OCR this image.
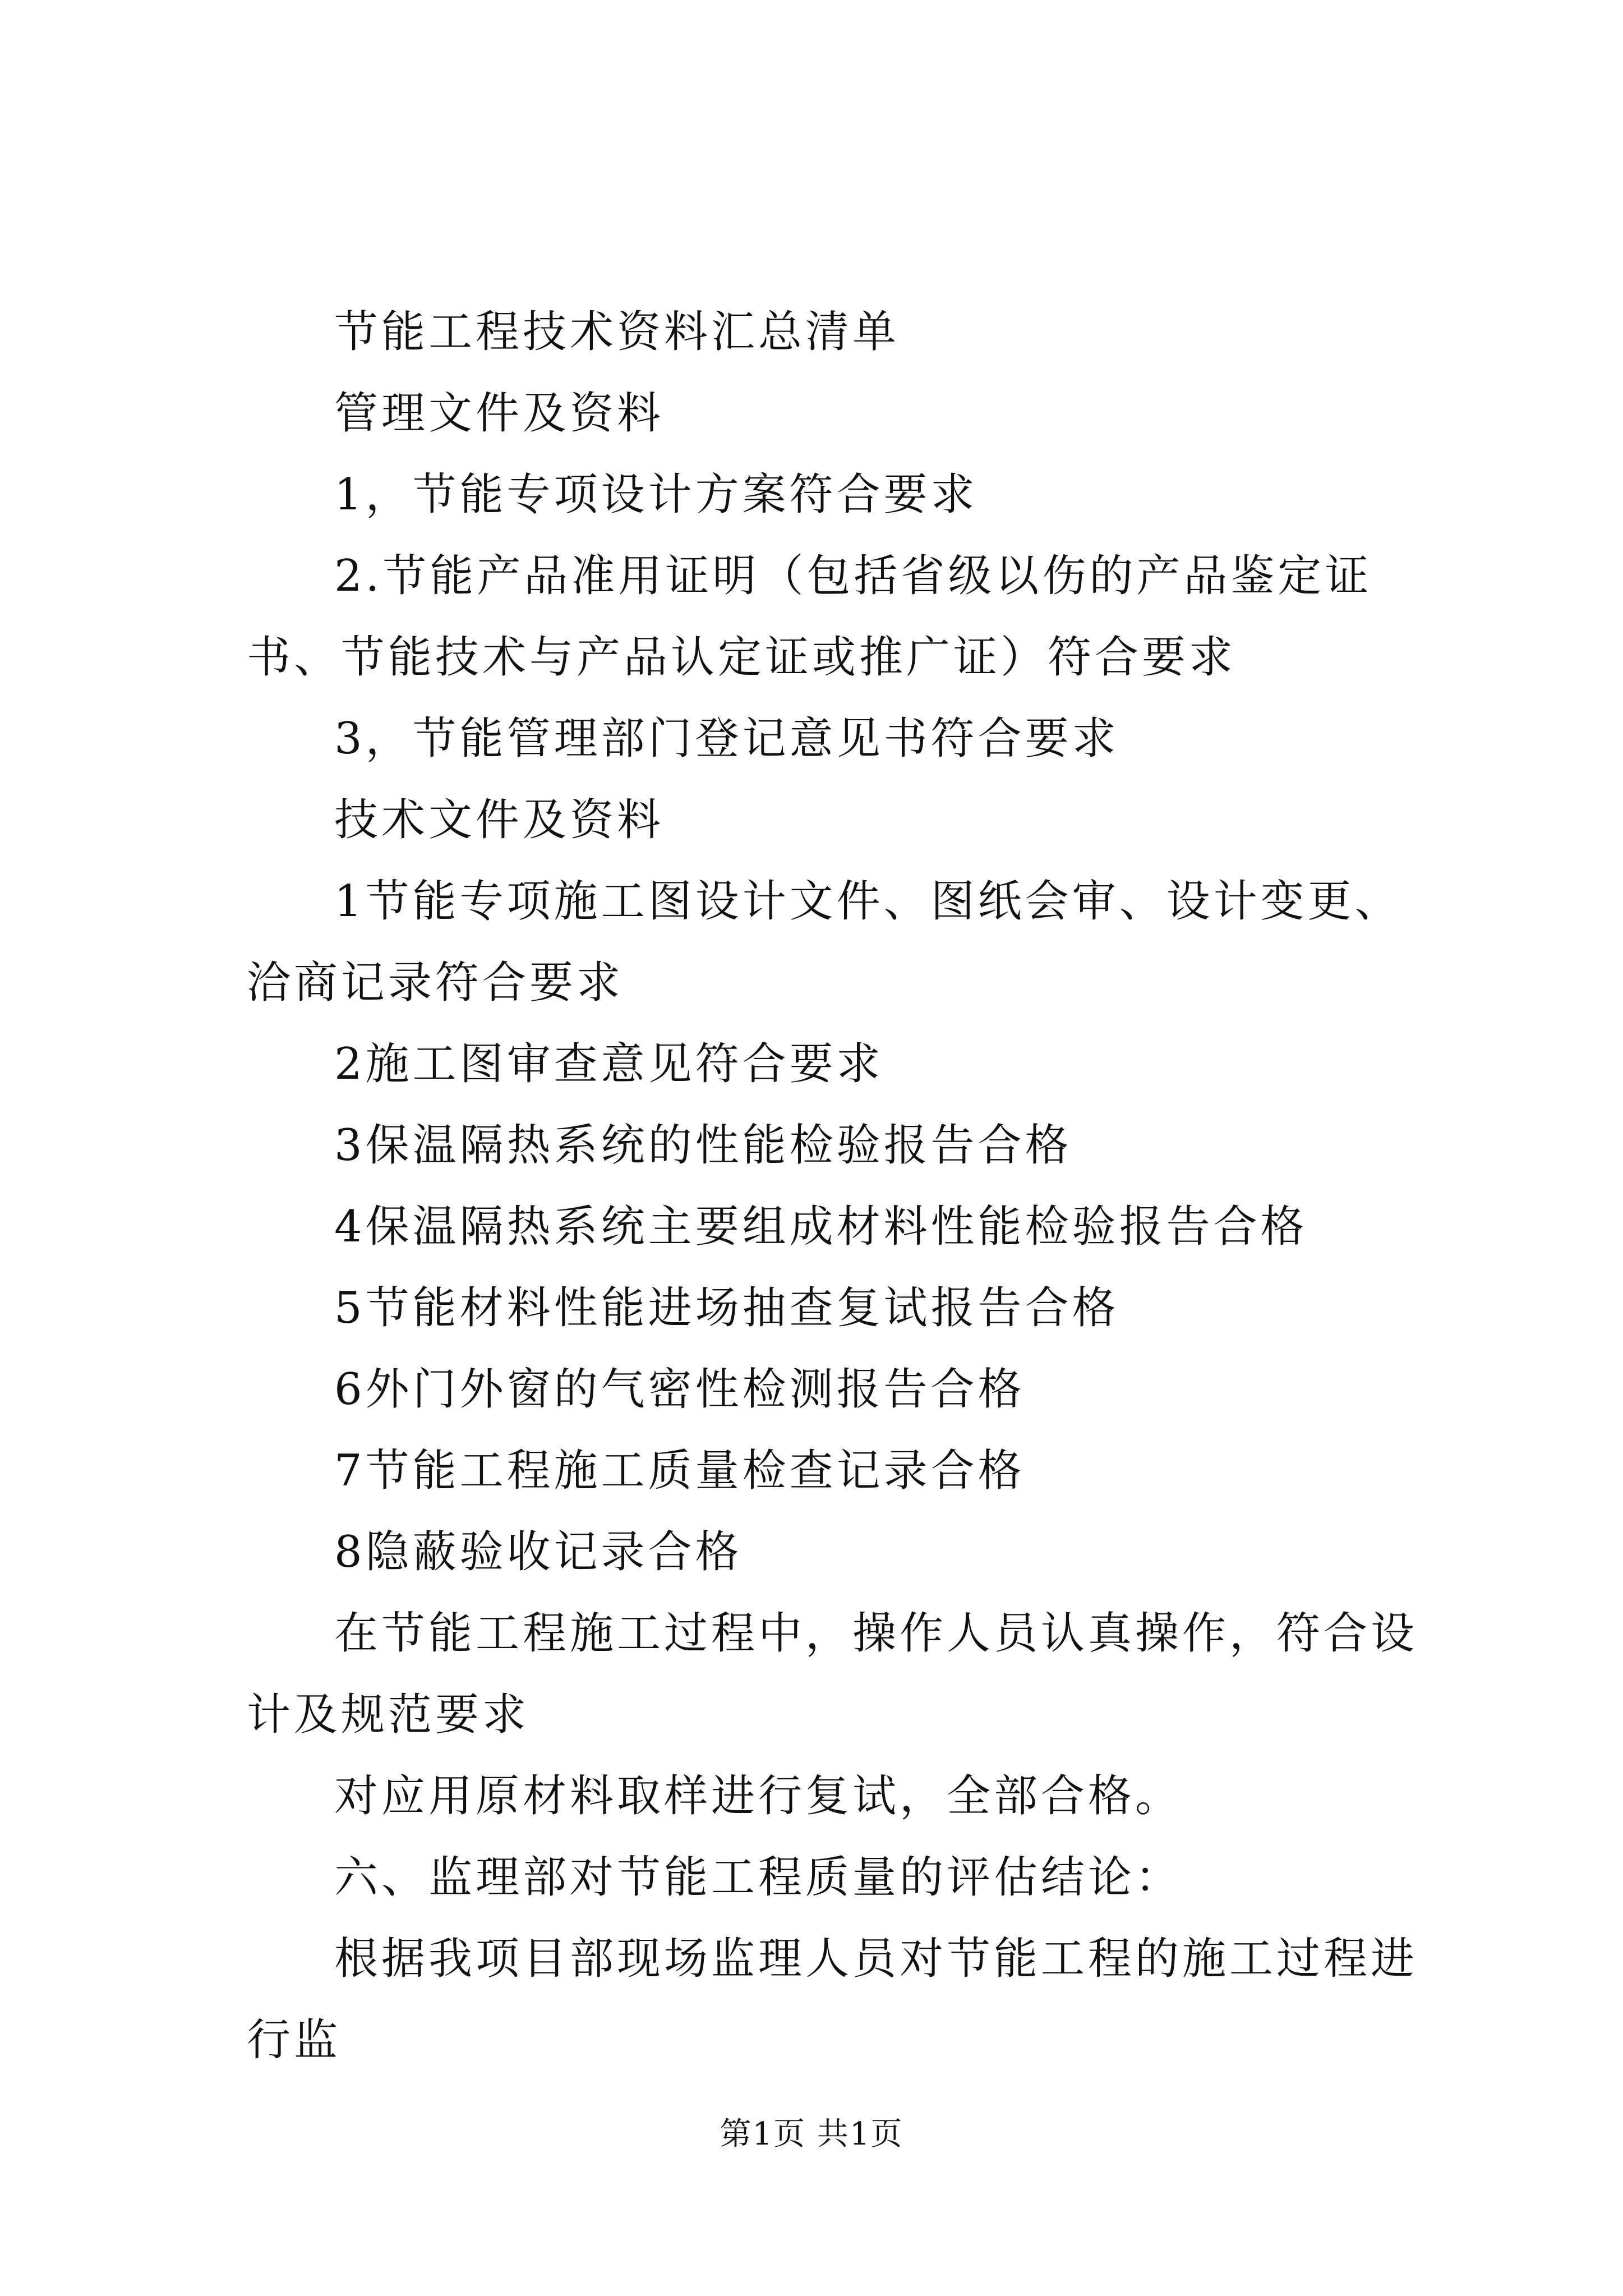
节能工程技术资料汇总清单

管理文件及资料

1，节能专项设计方案符合要求

2.节能产品准用证明（包括省级以伤的产品鉴定证书、节能技术与产品认定证或推广证）符合要求

3，节能管理部门登记意见书符合要求

技术文件及资料

1节能专项施工图设计文件、图纸会审、设计变更、洽商记录符合要求

2施工图审查意见符合要求

3保温隔热系统的性能检验报告合格

4保温隔热系统主要组成材料性能检验报告合格

5节能材料性能进场抽查复试报告合格

6外门外窗的气密性检测报告合格

7节能工程施工质量检查记录合格

8隐蔽验收记录合格

在节能工程施工过程中，操作人员认真操作，符合设计及规范要求

对应用原材料取样进行复试，全部合格。

六、监理部对节能工程质量的评估结论：

根据我项目部现场监理人员对节能工程的施工过程进行监

第1页 共1页
